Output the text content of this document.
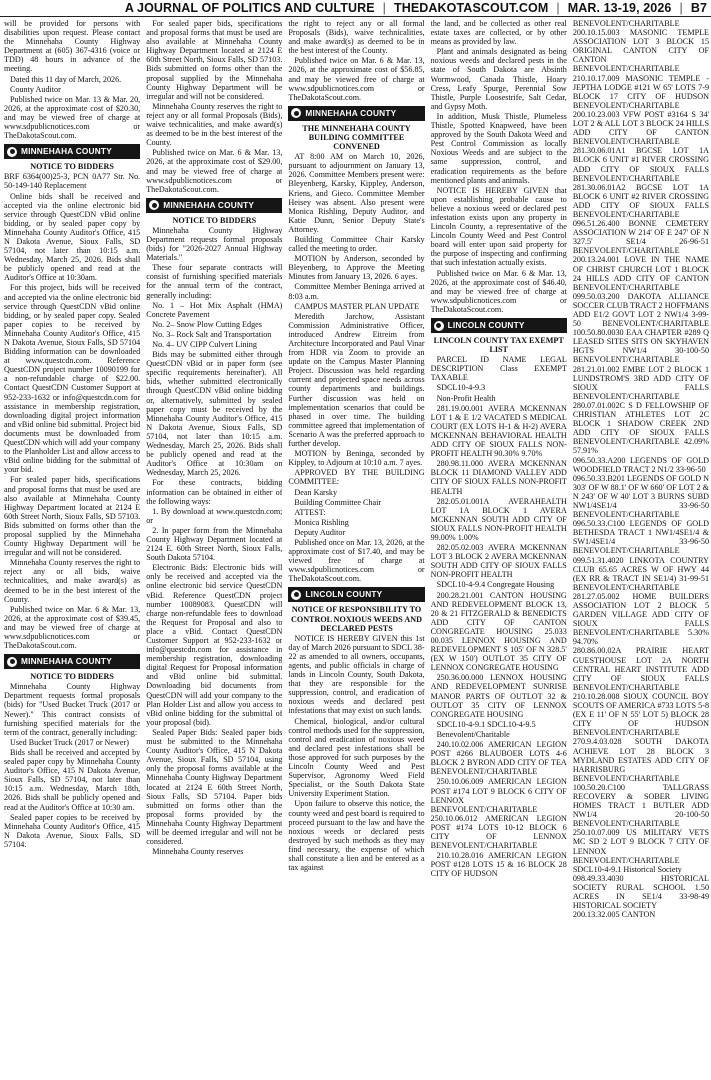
A JOURNAL OF POLITICS AND CULTURE | THEDAKOTASCOUT.COM | MAR. 13-19, 2026 | B7

will be provided for persons with disabilities upon request. Please contact the Minnehaha County Highway Department at (605) 367-4316 (voice or TDD) 48 hours in advance of the meeting.

Dated this 11 day of March, 2026.

County Auditor

Published twice on Mar. 13 & Mar. 20, 2026, at the approximate cost of $20.30, and may be viewed free of charge at www.sdpublicnotices.com or TheDakotaScout.com.

MINNEHAHA COUNTY

NOTICE TO BIDDERS

BRF 6364(00)25-3, PCN 0A77 Str. No. 50-149-140 Replacement

Online bids shall be received and accepted via the online electronic bid service through QuestCDN vBid online bidding, or by sealed paper copy by Minnehaha County Auditor's Office, 415 N Dakota Avenue, Sioux Falls, SD 57104, not later than 10:15 a.m. Wednesday, March 25, 2026. Bids shall be publicly opened and read at the Auditor's Office at 10:30am.

For this project, bids will be received and accepted via the online electronic bid service through QuestCDN vBid online bidding, or by sealed paper copy. Sealed paper copies to be received by Minnehaha County Auditor's Office, 415 N Dakota Avenue, Sioux Falls, SD 57104 Bidding information can be downloaded at www.questcdn.com. Reference QuestCDN project number 10090199 for a non-refundable charge of $22.00. Contact QuestCDN Customer Support at 952-233-1632 or info@questcdn.com for assistance in membership registration, downloading digital project information and vBid online bid submittal. Project bid documents must be downloaded from QuestCDN which will add your company to the Planholder List and allow access to vBid online bidding for the submittal of your bid.

For sealed paper bids, specifications and proposal forms that must be used are also available at Minnehaha County Highway Department located at 2124 E 60th Street North, Sioux Falls, SD 57103. Bids submitted on forms other than the proposal supplied by the Minnehaha County Highway Department will be irregular and will not be considered.

Minnehaha County reserves the right to reject any or all bids, waive technicalities, and make award(s) as deemed to be in the best interest of the County.

Published twice on Mar. 6 & Mar. 13, 2026, at the approximate cost of $39.45, and may be viewed free of charge at www.sdpublicnotices.com or TheDakotaScout.com.

MINNEHAHA COUNTY

NOTICE TO BIDDERS

Minnehaha County Highway Department requests formal proposals (bids) for "Used Bucket Truck (2017 or Newer)." This contract consists of furnishing specified materials for the term of the contract, generally including:

Used Bucket Truck (2017 or Newer)

Bids shall be received and accepted by sealed paper copy by Minnehaha County Auditor's Office, 415 N Dakota Avenue, Sioux Falls, SD 57104, not later than 10:15 a.m. Wednesday, March 18th, 2026. Bids shall be publicly opened and read at the Auditor's Office at 10:30 am.

Sealed paper copies to be received by Minnehaha County Auditor's Office, 415 N Dakota Avenue, Sioux Falls, SD 57104.

For sealed paper bids, specifications and proposal forms that must be used are also available at Minnehaha County Highway Department located at 2124 E 60th Street North, Sioux Falls, SD 57103. Bids submitted on forms other than the proposal supplied by the Minnehaha County Highway Department will be irregular and will not be considered.

Minnehaha County reserves the right to reject any or all formal Proposals (Bids), waive technicalities, and make award(s) as deemed to be in the best interest of the County.

Published twice on Mar. 6 & Mar. 13, 2026, at the approximate cost of $29.00, and may be viewed free of charge at www.sdpublicnotices.com or TheDakotaScout.com.

MINNEHAHA COUNTY

NOTICE TO BIDDERS

Minnehaha County Highway Department requests formal proposals (bids) for "2026-2027 Annual Highway Materials."

These four separate contracts will consist of furnishing specified materials for the annual term of the contract, generally including:

No. 1 – Hot Mix Asphalt (HMA) Concrete Pavement

No. 2– Snow Plow Cutting Edges

No. 3– Rock Salt and Transportation

No. 4– UV CIPP Culvert Lining

Bids may be submitted either through QuestCDN vBid or in paper form (see specific requirements hereinafter). All bids, whether submitted electronically through QuestCDN vBid online bidding or, alternatively, submitted by sealed paper copy must be received by the Minnehaha County Auditor's Office, 415 N Dakota Avenue, Sioux Falls, SD 57104, not later than 10:15 a.m. Wednesday, March 25, 2026. Bids shall be publicly opened and read at the Auditor's Office at 10:30am on Wednesday, March 25, 2026.

For these contracts, bidding information can be obtained in either of the following ways:

1. By download at www.questcdn.com; or

2. In paper form from the Minnehaha County Highway Department located at 2124 E. 60th Street North, Sioux Falls, South Dakota 57104.

Electronic Bids: Electronic bids will only be received and accepted via the online electronic bid service QuestCDN vBid. Reference QuestCDN project number 10089083. QuestCDN will charge non-refundable fees to download the Request for Proposal and also to place a vBid. Contact QuestCDN Customer Support at 952-233-1632 or info@questcdn.com for assistance in membership registration, downloading digital Request for Proposal information and vBid online bid submittal. Downloading bid documents from QuestCDN will add your company to the Plan Holder List and allow you access to vBid online bidding for the submittal of your proposal (bid).

Sealed Paper Bids: Sealed paper bids must be submitted to the Minnehaha County Auditor's Office, 415 N Dakota Avenue, Sioux Falls, SD 57104, using only the proposal forms available at the Minnehaha County Highway Department located at 2124 E 60th Street North, Sioux Falls, SD 57104. Paper bids submitted on forms other than the proposal forms provided by the Minnehaha County Highway Department will be deemed irregular and will not be considered.

Minnehaha County reserves

the right to reject any or all formal Proposals (Bids), waive technicalities, and make award(s) as deemed to be in the best interest of the County.

Published twice on Mar. 6 & Mar. 13, 2026, at the approximate cost of $56.85, and may be viewed free of charge at www.sdpublicnotices.com or TheDakotaScout.com.

MINNEHAHA COUNTY

THE MINNEHAHA COUNTY BUILDING COMMITTEE CONVENED

AT 8:00 AM on March 10, 2026, pursuant to adjournment on January 13, 2026. Committee Members present were: Bleyenberg, Karsky, Kippley, Anderson, Kriens, and Gieco. Committee Member Heisey was absent. Also present were Monica Rishling, Deputy Auditor, and Katie Dunn, Senior Deputy State's Attorney.

Building Committee Chair Karsky called the meeting to order.

MOTION by Anderson, seconded by Bleyenberg, to Approve the Meeting Minutes from January 13, 2026. 6 ayes.

Committee Member Beninga arrived at 8:03 a.m.

CAMPUS MASTER PLAN UPDATE

Meredith Jarchow, Assistant Commission Administrative Officer, introduced Andrew Eitreim from Architecture Incorporated and Paul Vinar from HDR via Zoom to provide an update on the Campus Master Planning Project. Discussion was held regarding current and projected space needs across county departments and buildings. Further discussion was held on implementation scenarios that could be phased in over time. The building committee agreed that implementation of Scenario A was the preferred approach to further develop.

MOTION by Beninga, seconded by Kippley, to Adjourn at 10:10 a.m. 7 ayes.

APPROVED BY THE BUILDING COMMITTEE:

Dean Karsky

Building Committee Chair

ATTEST:

Monica Rishling

Deputy Auditor

Published once on Mar. 13, 2026, at the approximate cost of $17.40, and may be viewed free of charge at www.sdpublicnotices.com or TheDakotaScout.com.

LINCOLN COUNTY

NOTICE OF RESPONSIBILITY TO CONTROL NOXIOUS WEEDS AND DECLARED PESTS

NOTICE IS HEREBY GIVEN this 1st day of March 2026 pursuant to SDCL 38-22 as amended to all owners, occupants, agents, and public officials in charge of lands in Lincoln County, South Dakota, that they are responsible for the suppression, control, and eradication of noxious weeds and declared pest infestations that may exist on such lands.

Chemical, biological, and/or cultural control methods used for the suppression, control and eradication of noxious weed and declared pest infestations shall be those approved for such purposes by the Lincoln County Weed and Pest Supervisor, Agronomy Weed Field Specialist, or the South Dakota State University Experiment Station.

Upon failure to observe this notice, the county weed and pest board is required to proceed pursuant to the law and have the noxious weeds or declared pests destroyed by such methods as they may find necessary, the expense of which shall constitute a lien and be entered as a tax against

the land, and be collected as other real estate taxes are collected, or by other means as provided by law.

Plant and animals designated as being noxious weeds and declared pests in the state of South Dakota are Absinth Wormwood, Canada Thistle, Hoary Cress, Leafy Spurge, Perennial Sow Thistle, Purple Loosestrife, Salt Cedar, and Gypsy Moth.

In addition, Musk Thistle, Plumeless Thistle, Spotted Knapweed, have been approved by the South Dakota Weed and Pest Control Commission as locally Noxious Weeds and are subject to the same suppression, control, and eradication requirements as the before mentioned plants and animals.

NOTICE IS HEREBY GIVEN that upon establishing probable cause to believe a noxious weed or declared pest infestation exists upon any property in Lincoln County, a representative of the Lincoln County Weed and Pest Control board will enter upon said property for the purpose of inspecting and confirming that such infestation actually exists.

Published twice on Mar. 6 & Mar. 13, 2026, at the approximate cost of $46.40, and may be viewed free of charge at www.sdpublicnotices.com or TheDakotaScout.com.

LINCOLN COUNTY

LINCOLN COUNTY TAX EXEMPT LIST

PARCEL ID NAME LEGAL DESCRIPTION Class EXEMPT TAXABLE

SDCL10-4-9.3

Non-Profit Health

281.19.00.001 AVERA MCKENNAN LOT 1 & E 1/2 VACATED S MEDICAL COURT (EX LOTS H-1 & H-2) AVERA MCKENNAN BEHAVIORAL HEALTH ADD CITY OF SIOUX FALLS NON-PROFIT HEALTH 90.30% 9.70%

280.98.11.000 AVERA MCKENNAN BLOCK 11 DIAMOND VALLEY ADD CITY OF SIOUX FALLS NON-PROFIT HEALTH

282.05.01.001A AVERAHEALTH LOT 1A BLOCK 1 AVERA MCKENNAN SOUTH ADD CITY OF SIOUX FALLS NON-PROFIT HEALTH 99.00% 1.00%

282.05.02.003 AVERA MCKENNAN LOT 3 BLOCK 2 AVERA MCKENNAN SOUTH ADD CITY OF SIOUX FALLS NON-PROFIT HEALTH

SDCL10-4-9.4 Congregate Housing

200.28.21.001 CANTON HOUSING AND REDEVELOPMENT BLOCK 13, 20 & 21 FITZGERALD & BENEDICTS ADD CITY OF CANTON CONGREGATE HOUSING 25.033 00.035 LENNOX HOUSING AND REDEVELOPMENT S 105' OF N 328.5' (EX W 150') OUTLOT 35 CITY OF LENNOX CONGREGATE HOUSING

250.36.00.000 LENNOX HOUSING AND REDEVELOPMENT SUNRISE MANOR PARTS OF OUTLOT 32 & OUTLOT 35 CITY OF LENNOX CONGREGATE HOUSING

SDCL10-4-9.1 SDCL10-4-9.5

Benevolent/Charitable

240.10.02.006 AMERICAN LEGION POST #266 BLAUBOER LOTS 4-6 BLOCK 2 BYRON ADD CITY OF TEA BENEVOLENT/CHARITABLE

250.10.06.009 AMERICAN LEGION POST #174 LOT 9 BLOCK 6 CITY OF LENNOX BENEVOLENT/CHARITABLE 250.10.06.012 AMERICAN LEGION POST #174 LOTS 10-12 BLOCK 6 CITY OF LENNOX BENEVOLENT/CHARITABLE

210.10.28.016 AMERICAN LEGION POST #128 LOTS 15 & 16 BLOCK 28 CITY OF HUDSON

BENEVOLENT/CHARITABLE

200.10.15.003 MASONIC TEMPLE ASSOCIATION LOT 3 BLOCK 15 ORIGINAL CANTON CITY OF CANTON BENEVOLENT/CHARITABLE 210.10.17.009 MASONIC TEMPLE - JEPTHA LODGE #121 W 65' LOTS 7-9 BLOCK 17 CITY OF HUDSON BENEVOLENT/CHARITABLE 200.10.23.003 VFW POST #3164 S 34' LOT 2 & ALL LOT 3 BLOCK 24 HILLS ADD CITY OF CANTON BENEVOLENT/CHARITABLE

281.30.06.01A1 BGCSE LOT 1A BLOCK 6 UNIT #1 RIVER CROSSING ADD CITY OF SIOUX FALLS BENEVOLENT/CHARITABLE

281.30.06.01A2 BGCSE LOT 1A BLOCK 6 UNIT #2 RIVER CROSSING ADD CITY OF SIOUX FALLS BENEVOLENT/CHARITABLE 096.51.26.400 BONNE CEMETERY ASSOCIATION W 214' OF E 247' OF N 327.5' SE1/4 26-96-51 BENEVOLENT/CHARITABLE

200.13.24.001 LOVE IN THE NAME OF CHRIST CHURCH LOT 1 BLOCK 24 HILLS ADD CITY OF CANTON BENEVOLENT/CHARITABLE

099.50.03.200 DAKOTA ALLIANCE SOCCER CLUB TRACT 2 HOFFMANS ADD E1/2 GOVT LOT 2 NW1/4 3-99-50 BENEVOLENT/CHARITABLE 100.50.80.0030 EAA CHAPTER #289 Q LEASED SITES SITS ON SKYHAVEN HGTS NW1/4 30-100-50 BENEVOLENT/CHARITABLE

281.21.01.002 EMBE LOT 2 BLOCK 1 LUNDSTROM'S 3RD ADD CITY OF SIOUX FALLS BENEVOLENT/CHARITABLE 280.07.01.002C S D FELLOWSHIP OF CHRISTIAN ATHLETES LOT 2C BLOCK 1 SHADOW CREEK 2ND ADD CITY OF SIOUX FALLS BENEVOLENT/CHARITABLE 42.09% 57.91%

096.50.33.A200 LEGENDS OF GOLD WOODFIELD TRACT 2 N1/2 33-96-50

096.50.33.B201 LEGENDS OF GOLD N 303' OF W 88.1' OF W 660' OF LOT 2 & N 243' OF W 40' LOT 3 BURNS SUBD NW1/4SE1/4 33-96-50 BENEVOLENT/CHARITABLE

096.50.33.C100 LEGENDS OF GOLD BETHESDA TRACT 1 NW1/4SE1/4 & SW1/4SE1/4 33-96-50 BENEVOLENT/CHARITABLE 099.51.31.4020 LINKOTA COUNTRY CLUB 65.65 ACRES W OF HWY 44 (EX RR & TRACT IN SE1/4) 31-99-51 BENEVOLENT/CHARITABLE

281.27.05.002 HOME BUILDERS ASSOCIATION LOT 2 BLOCK 5 GARDEN VILLAGE ADD CITY OF SIOUX FALLS BENEVOLENT/CHARITABLE 5.30% 94.70%

280.86.00.02A PRAIRIE HEART GUESTHOUSE LOT 2A NORTH CENTRAL HEART INSTITUTE ADD CITY OF SIOUX FALLS BENEVOLENT/CHARITABLE

210.10.28.008 SIOUX COUNCIL BOY SCOUTS OF AMERICA #733 LOTS 5-8 (EX E 11' OF N 55' LOT 5) BLOCK 28 CITY OF HUDSON BENEVOLENT/CHARITABLE

270.9.4.03.028 SOUTH DAKOTA ACHIEVE LOT 28 BLOCK 3 MYDLAND ESTATES ADD CITY OF HARRISBURG BENEVOLENT/CHARITABLE 100.50.20.C100 TALLGRASS RECOVERY & SOBER LIVING HOMES TRACT 1 BUTLER ADD NW1/4 20-100-50 BENEVOLENT/CHARITABLE 250.10.07.009 US MILITARY VETS MC SD 2 LOT 9 BLOCK 7 CITY OF LENNOX BENEVOLENT/CHARITABLE

SDCL10-4-9.1 Historical Society

098.49.33.4030 HISTORICAL SOCIETY RURAL SCHOOL 1.50 ACRES IN SE1/4 33-98-49 HISTORICAL SOCIETY

200.13.32.005 CANTON
